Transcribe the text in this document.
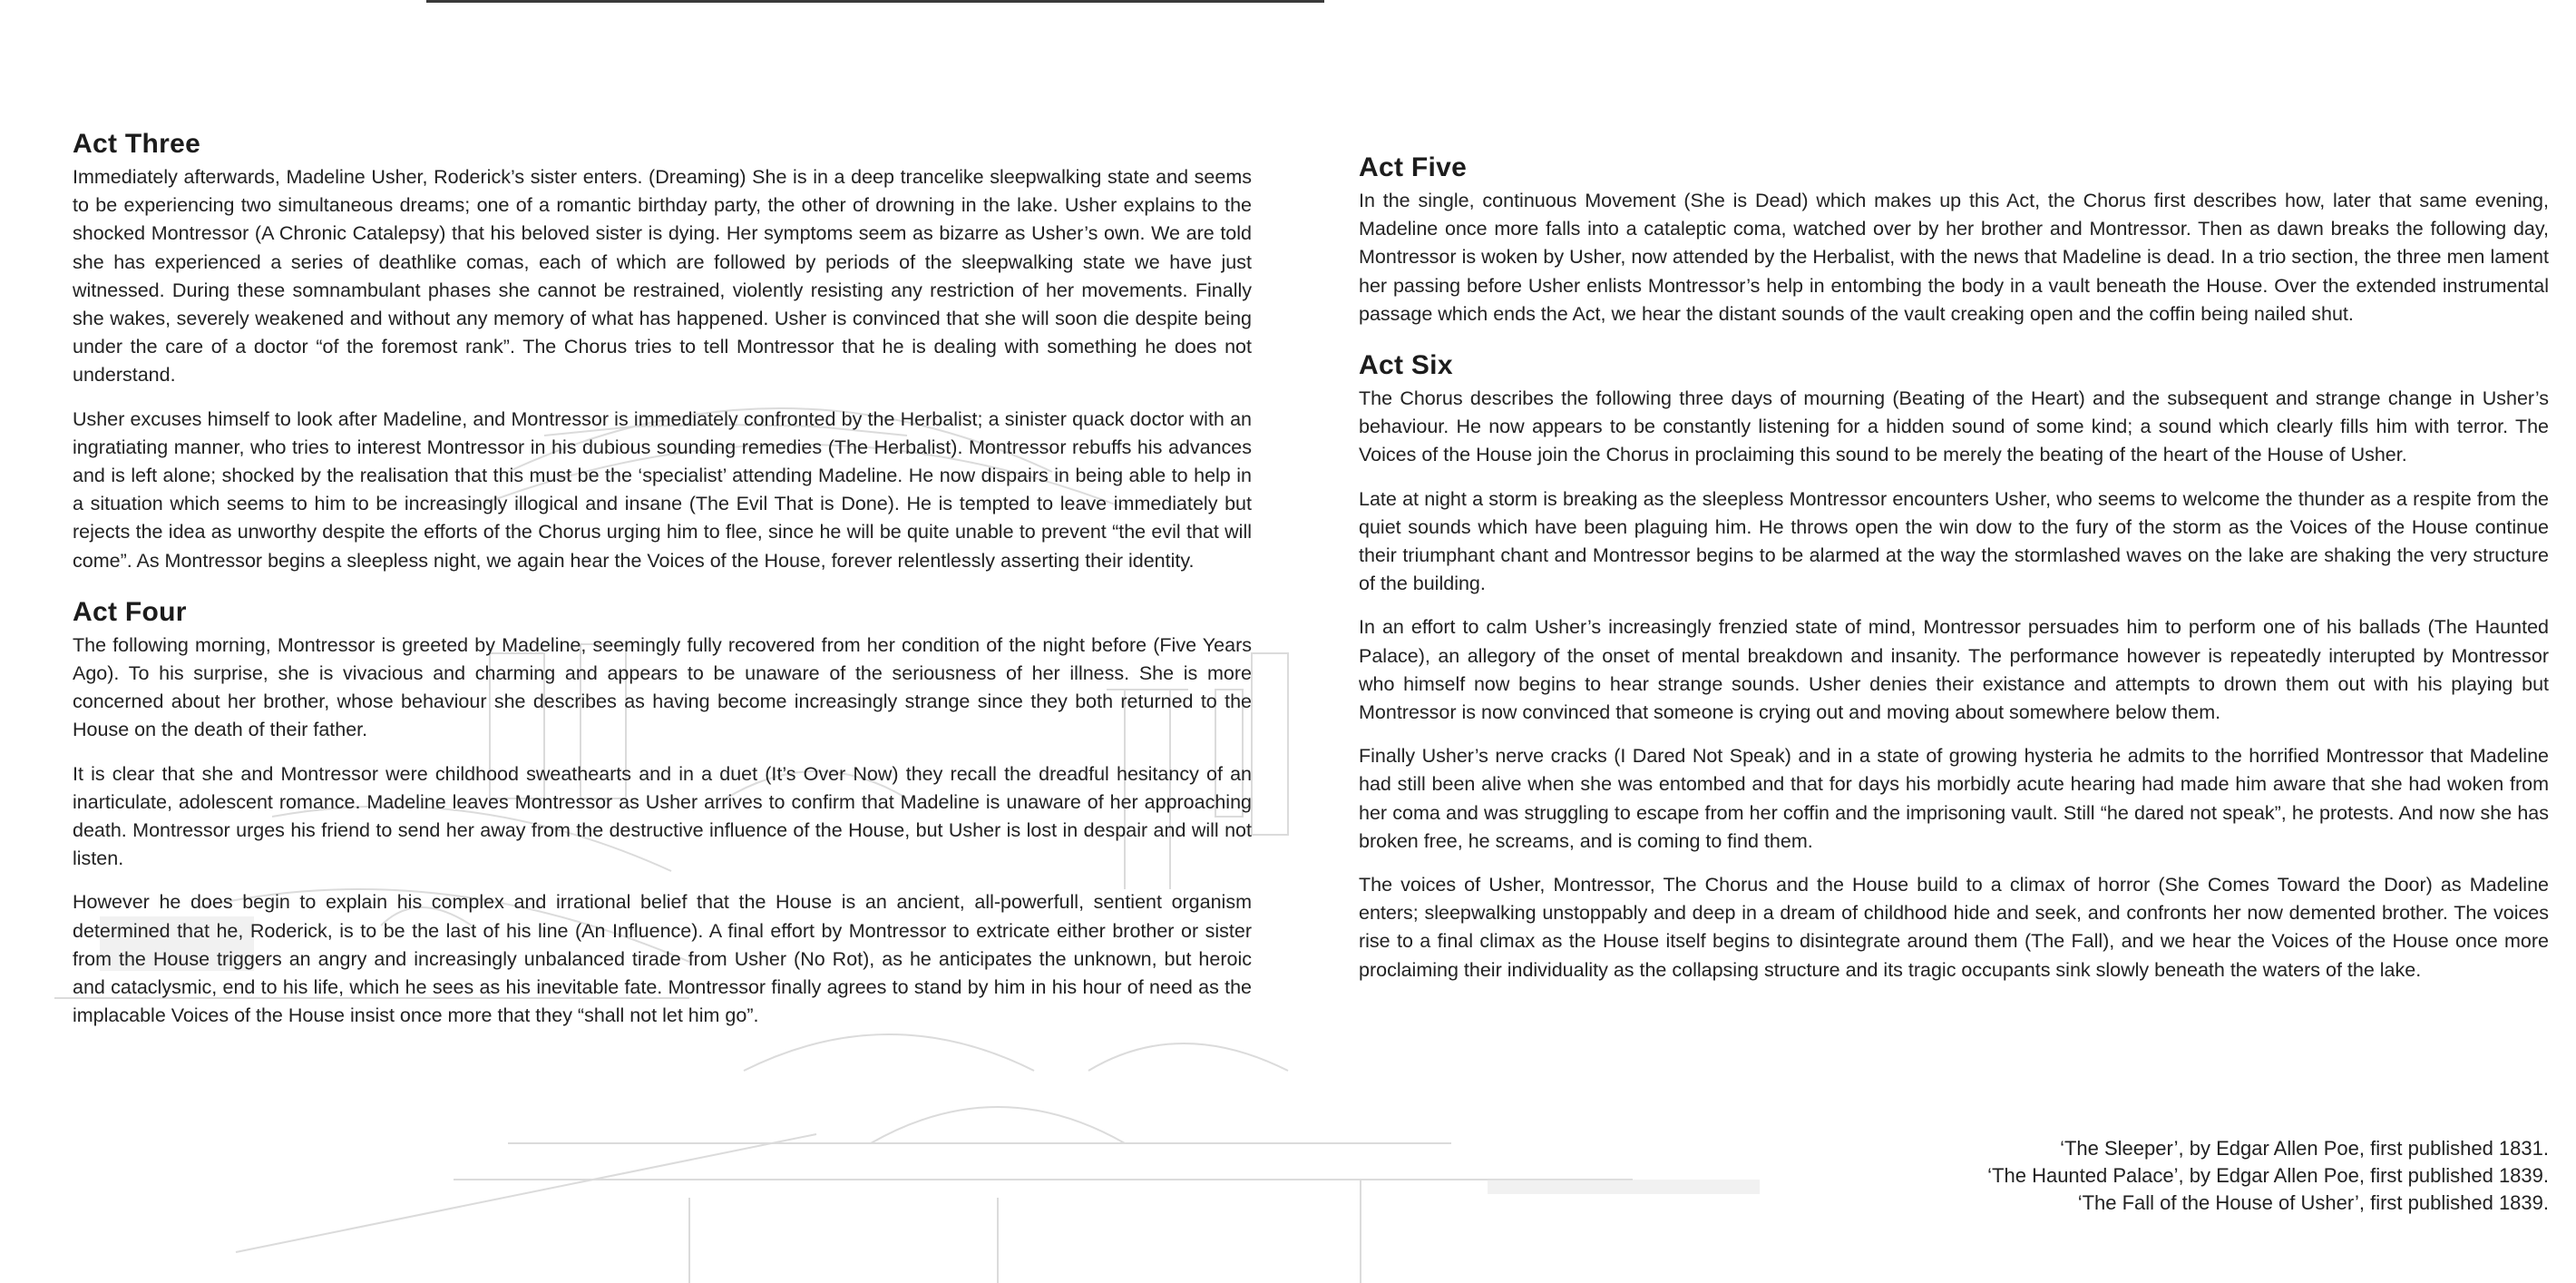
Act Three

Immediately afterwards, Madeline Usher, Roderick’s sister enters. (Dreaming) She is in a deep trancelike sleepwalking state and seems to be experiencing two simultaneous dreams; one of a romantic birthday party, the other of drowning in the lake. Usher explains to the shocked Montressor (A Chronic Catalepsy) that his beloved sister is dying. Her symptoms seem as bizarre as Usher’s own. We are told she has experienced a series of deathlike comas, each of which are followed by periods of the sleepwalking state we have just witnessed. During these somnambulant phases she cannot be restrained, violently resisting any restriction of her movements. Finally she wakes, severely weakened and without any memory of what has happened. Usher is convinced that she will soon die despite being under the care of a doctor “of the foremost rank”. The Chorus tries to tell Montressor that he is dealing with something he does not understand.

Usher excuses himself to look after Madeline, and Montressor is immediately confronted by the Herbalist; a sinister quack doctor with an ingratiating manner, who tries to interest Montressor in his dubious sounding remedies (The Herbalist). Montressor rebuffs his advances and is left alone; shocked by the realisation that this must be the ‘specialist’ attending Madeline. He now dispairs in being able to help in a situation which seems to him to be increasingly illogical and insane (The Evil That is Done). He is tempted to leave immediately but rejects the idea as unworthy despite the efforts of the Chorus urging him to flee, since he will be quite unable to prevent “the evil that will come”. As Montressor begins a sleepless night, we again hear the Voices of the House, forever relentlessly asserting their identity.

Act Four

The following morning, Montressor is greeted by Madeline, seemingly fully recovered from her condition of the night before (Five Years Ago). To his surprise, she is vivacious and charming and appears to be unaware of the seriousness of her illness. She is more concerned about her brother, whose behaviour she describes as having become increasingly strange since they both returned to the House on the death of their father.

It is clear that she and Montressor were childhood sweathearts and in a duet (It’s Over Now) they recall the dreadful hesitancy of an inarticulate, adolescent romance. Madeline leaves Montressor as Usher arrives to confirm that Madeline is unaware of her approaching death. Montressor urges his friend to send her away from the destructive influence of the House, but Usher is lost in despair and will not listen.

However he does begin to explain his complex and irrational belief that the House is an ancient, all-powerfull, sentient organism determined that he, Roderick, is to be the last of his line (An Influence). A final effort by Montressor to extricate either brother or sister from the House triggers an angry and increasingly unbalanced tirade from Usher (No Rot), as he anticipates the unknown, but heroic and cataclysmic, end to his life, which he sees as his inevitable fate. Montressor finally agrees to stand by him in his hour of need as the implacable Voices of the House insist once more that they “shall not let him go”.

Act Five

In the single, continuous Movement (She is Dead) which makes up this Act, the Chorus first describes how, later that same evening, Madeline once more falls into a cataleptic coma, watched over by her brother and Montressor. Then as dawn breaks the following day, Montressor is woken by Usher, now attended by the Herbalist, with the news that Madeline is dead. In a trio section, the three men lament her passing before Usher enlists Montressor’s help in entombing the body in a vault beneath the House. Over the extended instrumental passage which ends the Act, we hear the distant sounds of the vault creaking open and the coffin being nailed shut.

Act Six

The Chorus describes the following three days of mourning (Beating of the Heart) and the subsequent and strange change in Usher’s behaviour. He now appears to be constantly listening for a hidden sound of some kind; a sound which clearly fills him with terror. The Voices of the House join the Chorus in proclaiming this sound to be merely the beating of the heart of the House of Usher.

Late at night a storm is breaking as the sleepless Montressor encounters Usher, who seems to welcome the thunder as a respite from the quiet sounds which have been plaguing him. He throws open the win dow to the fury of the storm as the Voices of the House continue their triumphant chant and Montressor begins to be alarmed at the way the stormlashed waves on the lake are shaking the very structure of the building.

In an effort to calm Usher’s increasingly frenzied state of mind, Montressor persuades him to perform one of his ballads (The Haunted Palace), an allegory of the onset of mental breakdown and insanity. The performance however is repeatedly interupted by Montressor who himself now begins to hear strange sounds. Usher denies their existance and attempts to drown them out with his playing but Montressor is now convinced that someone is crying out and moving about somewhere below them.

Finally Usher’s nerve cracks (I Dared Not Speak) and in a state of growing hysteria he admits to the horrified Montressor that Madeline had still been alive when she was entombed and that for days his morbidly acute hearing had made him aware that she had woken from her coma and was struggling to escape from her coffin and the imprisoning vault. Still “he dared not speak”, he protests. And now she has broken free, he screams, and is coming to find them.

The voices of Usher, Montressor, The Chorus and the House build to a climax of horror (She Comes Toward the Door) as Madeline enters; sleepwalking unstoppably and deep in a dream of childhood hide and seek, and confronts her now demented brother. The voices rise to a final climax as the House itself begins to disintegrate around them (The Fall), and we hear the Voices of the House once more proclaiming their individuality as the collapsing structure and its tragic occupants sink slowly beneath the waters of the lake.

‘The Sleeper’, by Edgar Allen Poe, first published 1831.
‘The Haunted Palace’, by Edgar Allen Poe, first published 1839.
‘The Fall of the House of Usher’, first published 1839.
